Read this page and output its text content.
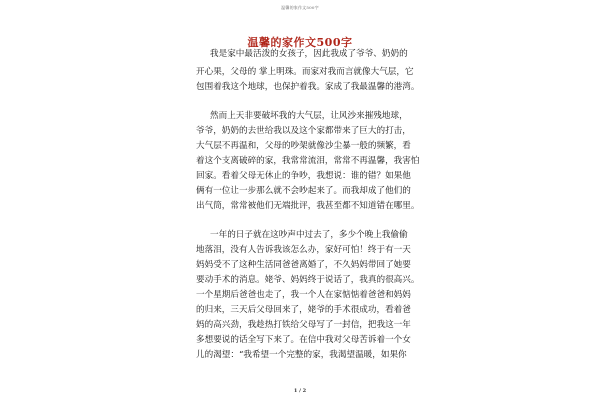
温馨的家作文500字
温馨的家作文500字
我是家中最活泼的女孩子，因此我成了爷爷、奶奶的
开心果，父母的 掌上明珠。而家对我而言就像大气层，它
包围着我这个地球，也保护着我。家成了我最温馨的港湾。
然而上天非要破坏我的大气层，让风沙来摧残地球，
爷爷，奶奶的去世给我以及这个家都带来了巨大的打击，
大气层不再温和，父母的吵架就像沙尘暴一般的频繁，看
着这个支离破碎的家，我常常流泪，常常不再温馨，我害怕
回家。看着父母无休止的争吵，我想说：谁的错？如果他
俩有一位让一步那么就不会吵起来了。而我却成了他们的
出气筒，常常被他们无端批评，我甚至都不知道错在哪里。
一年的日子就在这吵声中过去了，多少个晚上我偷偷
地落泪，没有人告诉我该怎么办，家好可怕！终于有一天
妈妈受不了这种生活同爸爸离婚了，不久妈妈带回了她要
要动手术的消息。姥爷、妈妈终于说话了，我真的很高兴。
一个星期后爸爸也走了，我一个人在家惦惦着爸爸和妈妈
的归来，三天后父母回来了，姥爷的手术很成功，看着爸
妈的高兴劲，我趁热打铁给父母写了一封信，把我这一年
多想要说的话全写下来了。在信中我对父母苦诉着一个女
儿的渴望：“我希望一个完整的家，我渴望温暖，如果你
1 / 2
